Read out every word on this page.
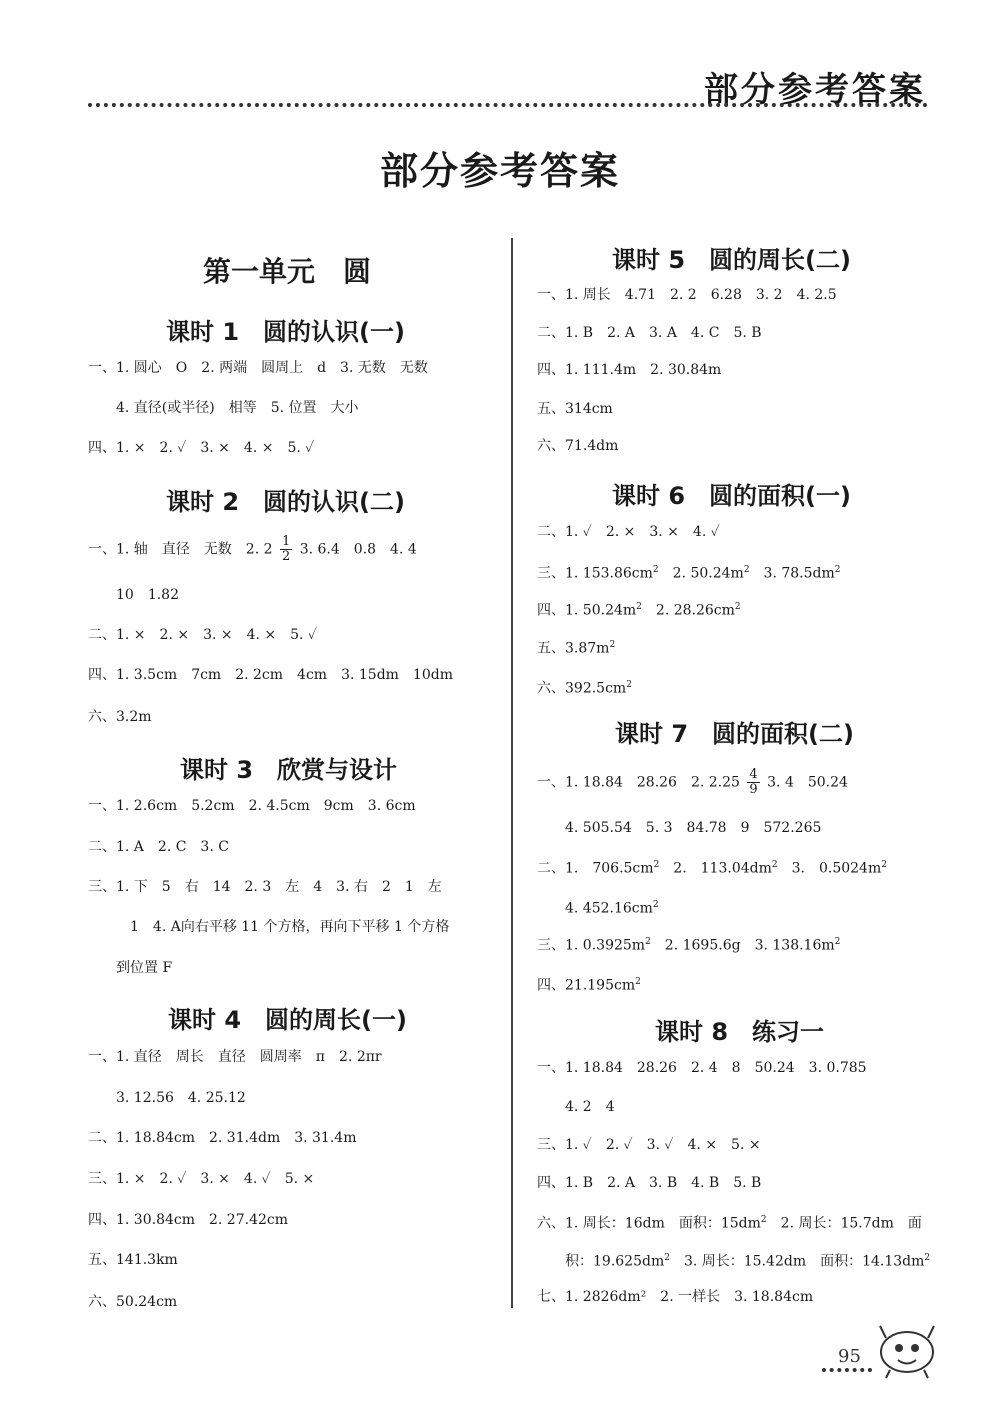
部分参考答案
部分参考答案
第一单元　圆
课时 1　圆的认识(一)
一、1. 圆心　O　2. 两端　圆周上　d　3. 无数　无数
4. 直径(或半径)　相等　5. 位置　大小
四、1. ×　2. ✓　3. ×　4. ×　5. ✓
课时 2　圆的认识(二)
一、1. 轴　直径　无数　2. $2 \frac{1}{2} 3$. 6.4　0.8　4. 4
10　1.82
二、1. ×　2. ×　3. ×　4. ×　5. ✓
四、1. 3.5cm　7cm　2. 2cm　4cm　3. 15dm　10dm
六、3.2m
课时 3　欣赏与设计
一、1. 2.6cm　5.2cm　2. 4.5cm　9cm　3. 6cm
二、1. A　2. C　3. C
三、1. 下　5　右　14　2. 3　左　4　3. 右　2　1　左
1　4. A向右平移 11 个方格，再向下平移 1 个方格
到位置 F
课时 4　圆的周长(一)
一、1. 直径　周长　直径　圆周率　π　2. 2πr
3. 12.56　4. 25.12
二、1. 18.84cm　2. 31.4dm　3. 31.4m
三、1. ×　2. ✓　3. ×　4. ✓　5. ×
四、1. 30.84cm　2. 27.42cm
五、141.3km
六、50.24cm
课时 5　圆的周长(二)
一、1. 周长　4.71　2. 2　6.28　3. 2　4. 2.5
二、1. B　2. A　3. A　4. C　5. B
四、1. 111.4m　2. 30.84m
五、314cm
六、71.4dm
课时 6　圆的面积(一)
二、1. ✓　2. ×　3. ×　4. ✓
三、1. $153.86cm^2$　2. $50.24m^2$　3. $78.5dm^2$
四、1. $50.24m^2$　2. $28.26cm^2$
五、$3.87m^2$
六、$392.5cm^2$
课时 7　圆的面积(二)
一、1. 18.84　28.26　2. $2.25 \frac{4}{9} 3$. 4　50.24
4. 505.54　5. 3　84.78　9　572.265
二、1.　$706.5cm^2$　2.　$113.04dm^2$　3.　$0.5024m^2$
4. $452.16cm^2$
三、1. $0.3925m^2$　2. 1695.6g　3. $138.16m^2$
四、$21.195cm^2$
课时 8　练习一
一、1. 18.84　28.26　2. 4　8　50.24　3. 0.785
4. 2　4
三、1. ✓　2. ✓　3. ✓　4. ×　5. ×
四、1. B　2. A　3. B　4. B　5. B
六、1. 周长：16dm　面积：$15dm^2$　2. 周长：15.7dm　面
积：$19.625dm^2$　3. 周长：15.42dm　面积：$14.13dm^2$
七、1. 2826dm²　2. 一样长　3. 18.84cm
95
